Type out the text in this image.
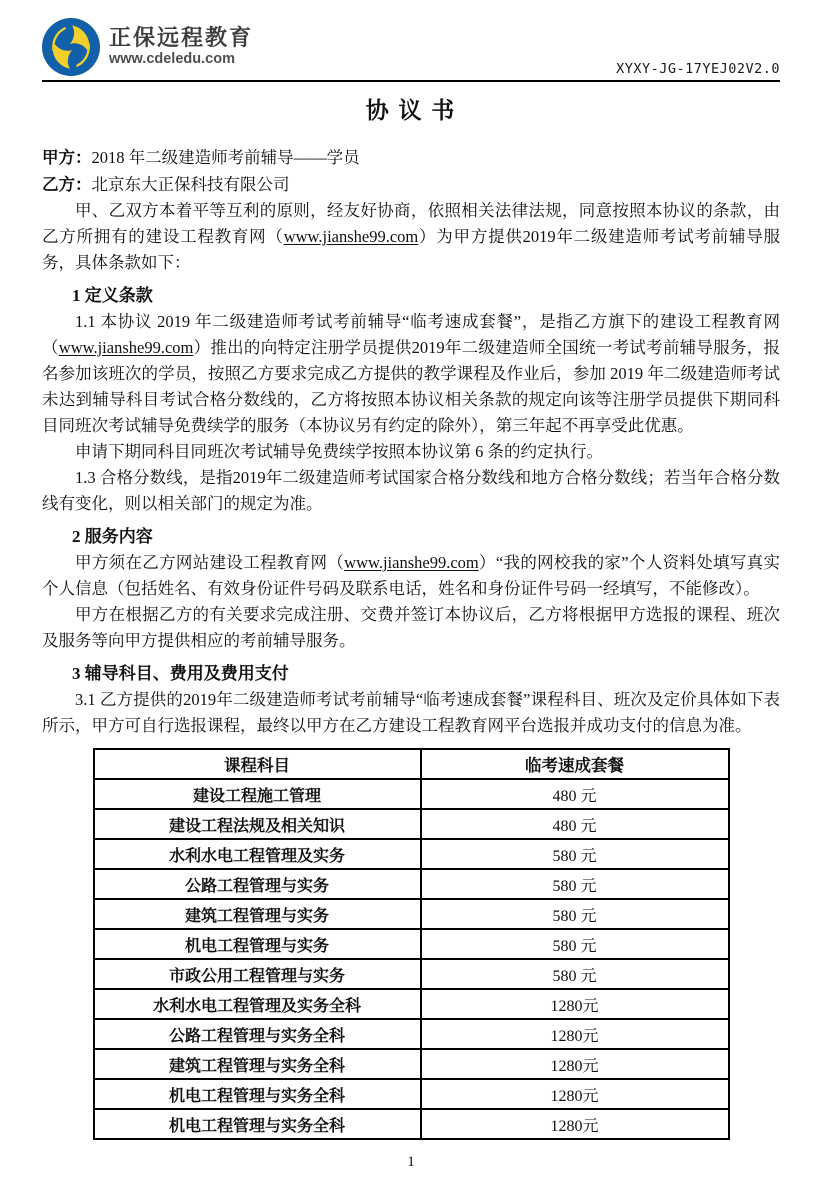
正保远程教育
www.cdeledu.com
XYXY-JG-17YEJ02V2.0
协 议 书
甲方：2018 年二级建造师考前辅导——学员
乙方：北京东大正保科技有限公司

甲、乙双方本着平等互利的原则，经友好协商，依照相关法律法规，同意按照本协议的条款，由乙方所拥有的建设工程教育网（www.jianshe99.com）为甲方提供2019年二级建造师考试考前辅导服务，具体条款如下：

1 定义条款

1.1 本协议 2019 年二级建造师考试考前辅导“临考速成套餐”，是指乙方旗下的建设工程教育网（www.jianshe99.com）推出的向特定注册学员提供2019年二级建造师全国统一考试考前辅导服务，报名参加该班次的学员，按照乙方要求完成乙方提供的教学课程及作业后，参加 2019 年二级建造师考试未达到辅导科目考试合格分数线的，乙方将按照本协议相关条款的规定向该等注册学员提供下期同科目同班次考试辅导免费续学的服务（本协议另有约定的除外），第三年起不再享受此优惠。

申请下期同科目同班次考试辅导免费续学按照本协议第 6 条的约定执行。

1.3 合格分数线，是指2019年二级建造师考试国家合格分数线和地方合格分数线；若当年合格分数线有变化，则以相关部门的规定为准。

2 服务内容

甲方须在乙方网站建设工程教育网（www.jianshe99.com）“我的网校我的家”个人资料处填写真实个人信息（包括姓名、有效身份证件号码及联系电话，姓名和身份证件号码一经填写，不能修改）。

甲方在根据乙方的有关要求完成注册、交费并签订本协议后，乙方将根据甲方选报的课程、班次及服务等向甲方提供相应的考前辅导服务。

3 辅导科目、费用及费用支付

3.1 乙方提供的2019年二级建造师考试考前辅导“临考速成套餐”课程科目、班次及定价具体如下表所示，甲方可自行选报课程，最终以甲方在乙方建设工程教育网平台选报并成功支付的信息为准。

课程科目	临考速成套餐
建设工程施工管理	480 元
建设工程法规及相关知识	480 元
水利水电工程管理及实务	580 元
公路工程管理与实务	580 元
建筑工程管理与实务	580 元
机电工程管理与实务	580 元
市政公用工程管理与实务	580 元
水利水电工程管理及实务全科	1280元
公路工程管理与实务全科	1280元
建筑工程管理与实务全科	1280元
机电工程管理与实务全科	1280元
机电工程管理与实务全科	1280元
1
